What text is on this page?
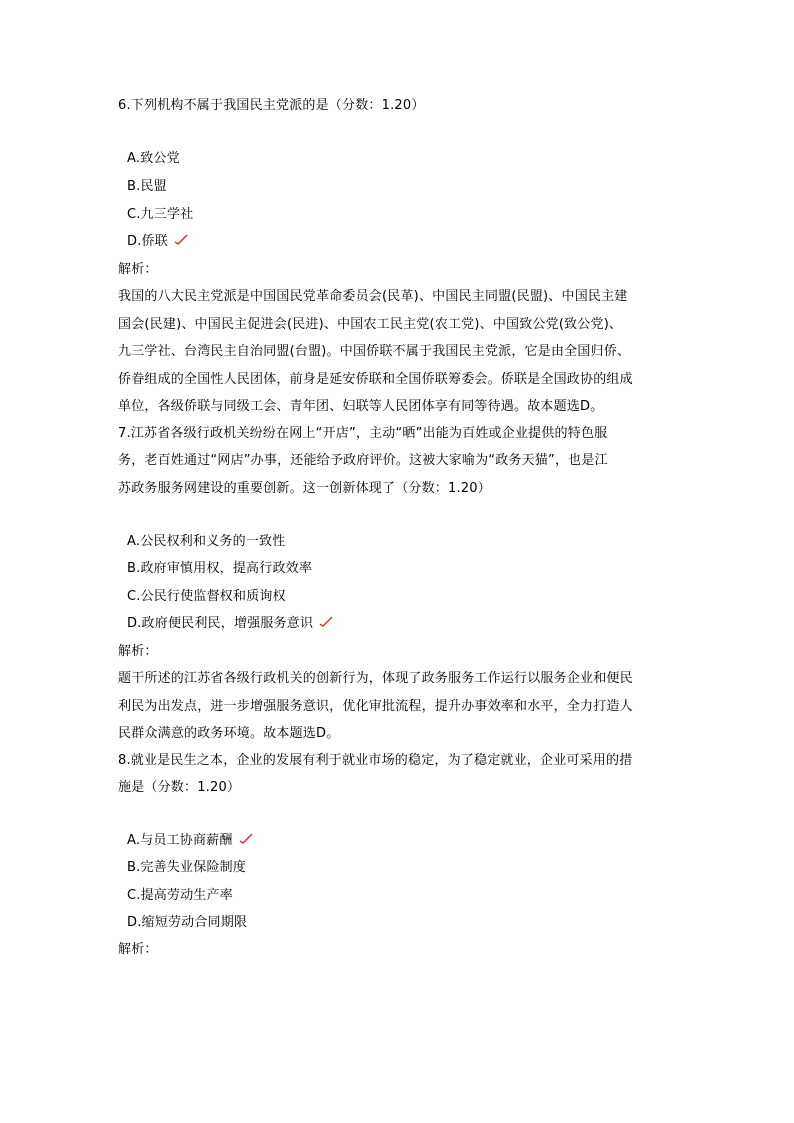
6.下列机构不属于我国民主党派的是（分数：1.20）
A.致公党
B.民盟
C.九三学社
D.侨联
解析：
我国的八大民主党派是中国国民党革命委员会(民革)、中国民主同盟(民盟)、中国民主建
国会(民建)、中国民主促进会(民进)、中国农工民主党(农工党)、中国致公党(致公党)、
九三学社、台湾民主自治同盟(台盟)。中国侨联不属于我国民主党派，它是由全国归侨、
侨眷组成的全国性人民团体，前身是延安侨联和全国侨联筹委会。侨联是全国政协的组成
单位，各级侨联与同级工会、青年团、妇联等人民团体享有同等待遇。故本题选D。
7.江苏省各级行政机关纷纷在网上“开店”，主动“晒”出能为百姓或企业提供的特色服
务，老百姓通过“网店”办事，还能给予政府评价。这被大家喻为“政务天猫”，也是江
苏政务服务网建设的重要创新。这一创新体现了（分数：1.20）
A.公民权利和义务的一致性
B.政府审慎用权，提高行政效率
C.公民行使监督权和质询权
D.政府便民利民，增强服务意识
解析：
题干所述的江苏省各级行政机关的创新行为，体现了政务服务工作运行以服务企业和便民
利民为出发点，进一步增强服务意识，优化审批流程，提升办事效率和水平，全力打造人
民群众满意的政务环境。故本题选D。
8.就业是民生之本，企业的发展有利于就业市场的稳定，为了稳定就业，企业可采用的措
施是（分数：1.20）
A.与员工协商薪酬
B.完善失业保险制度
C.提高劳动生产率
D.缩短劳动合同期限
解析：
